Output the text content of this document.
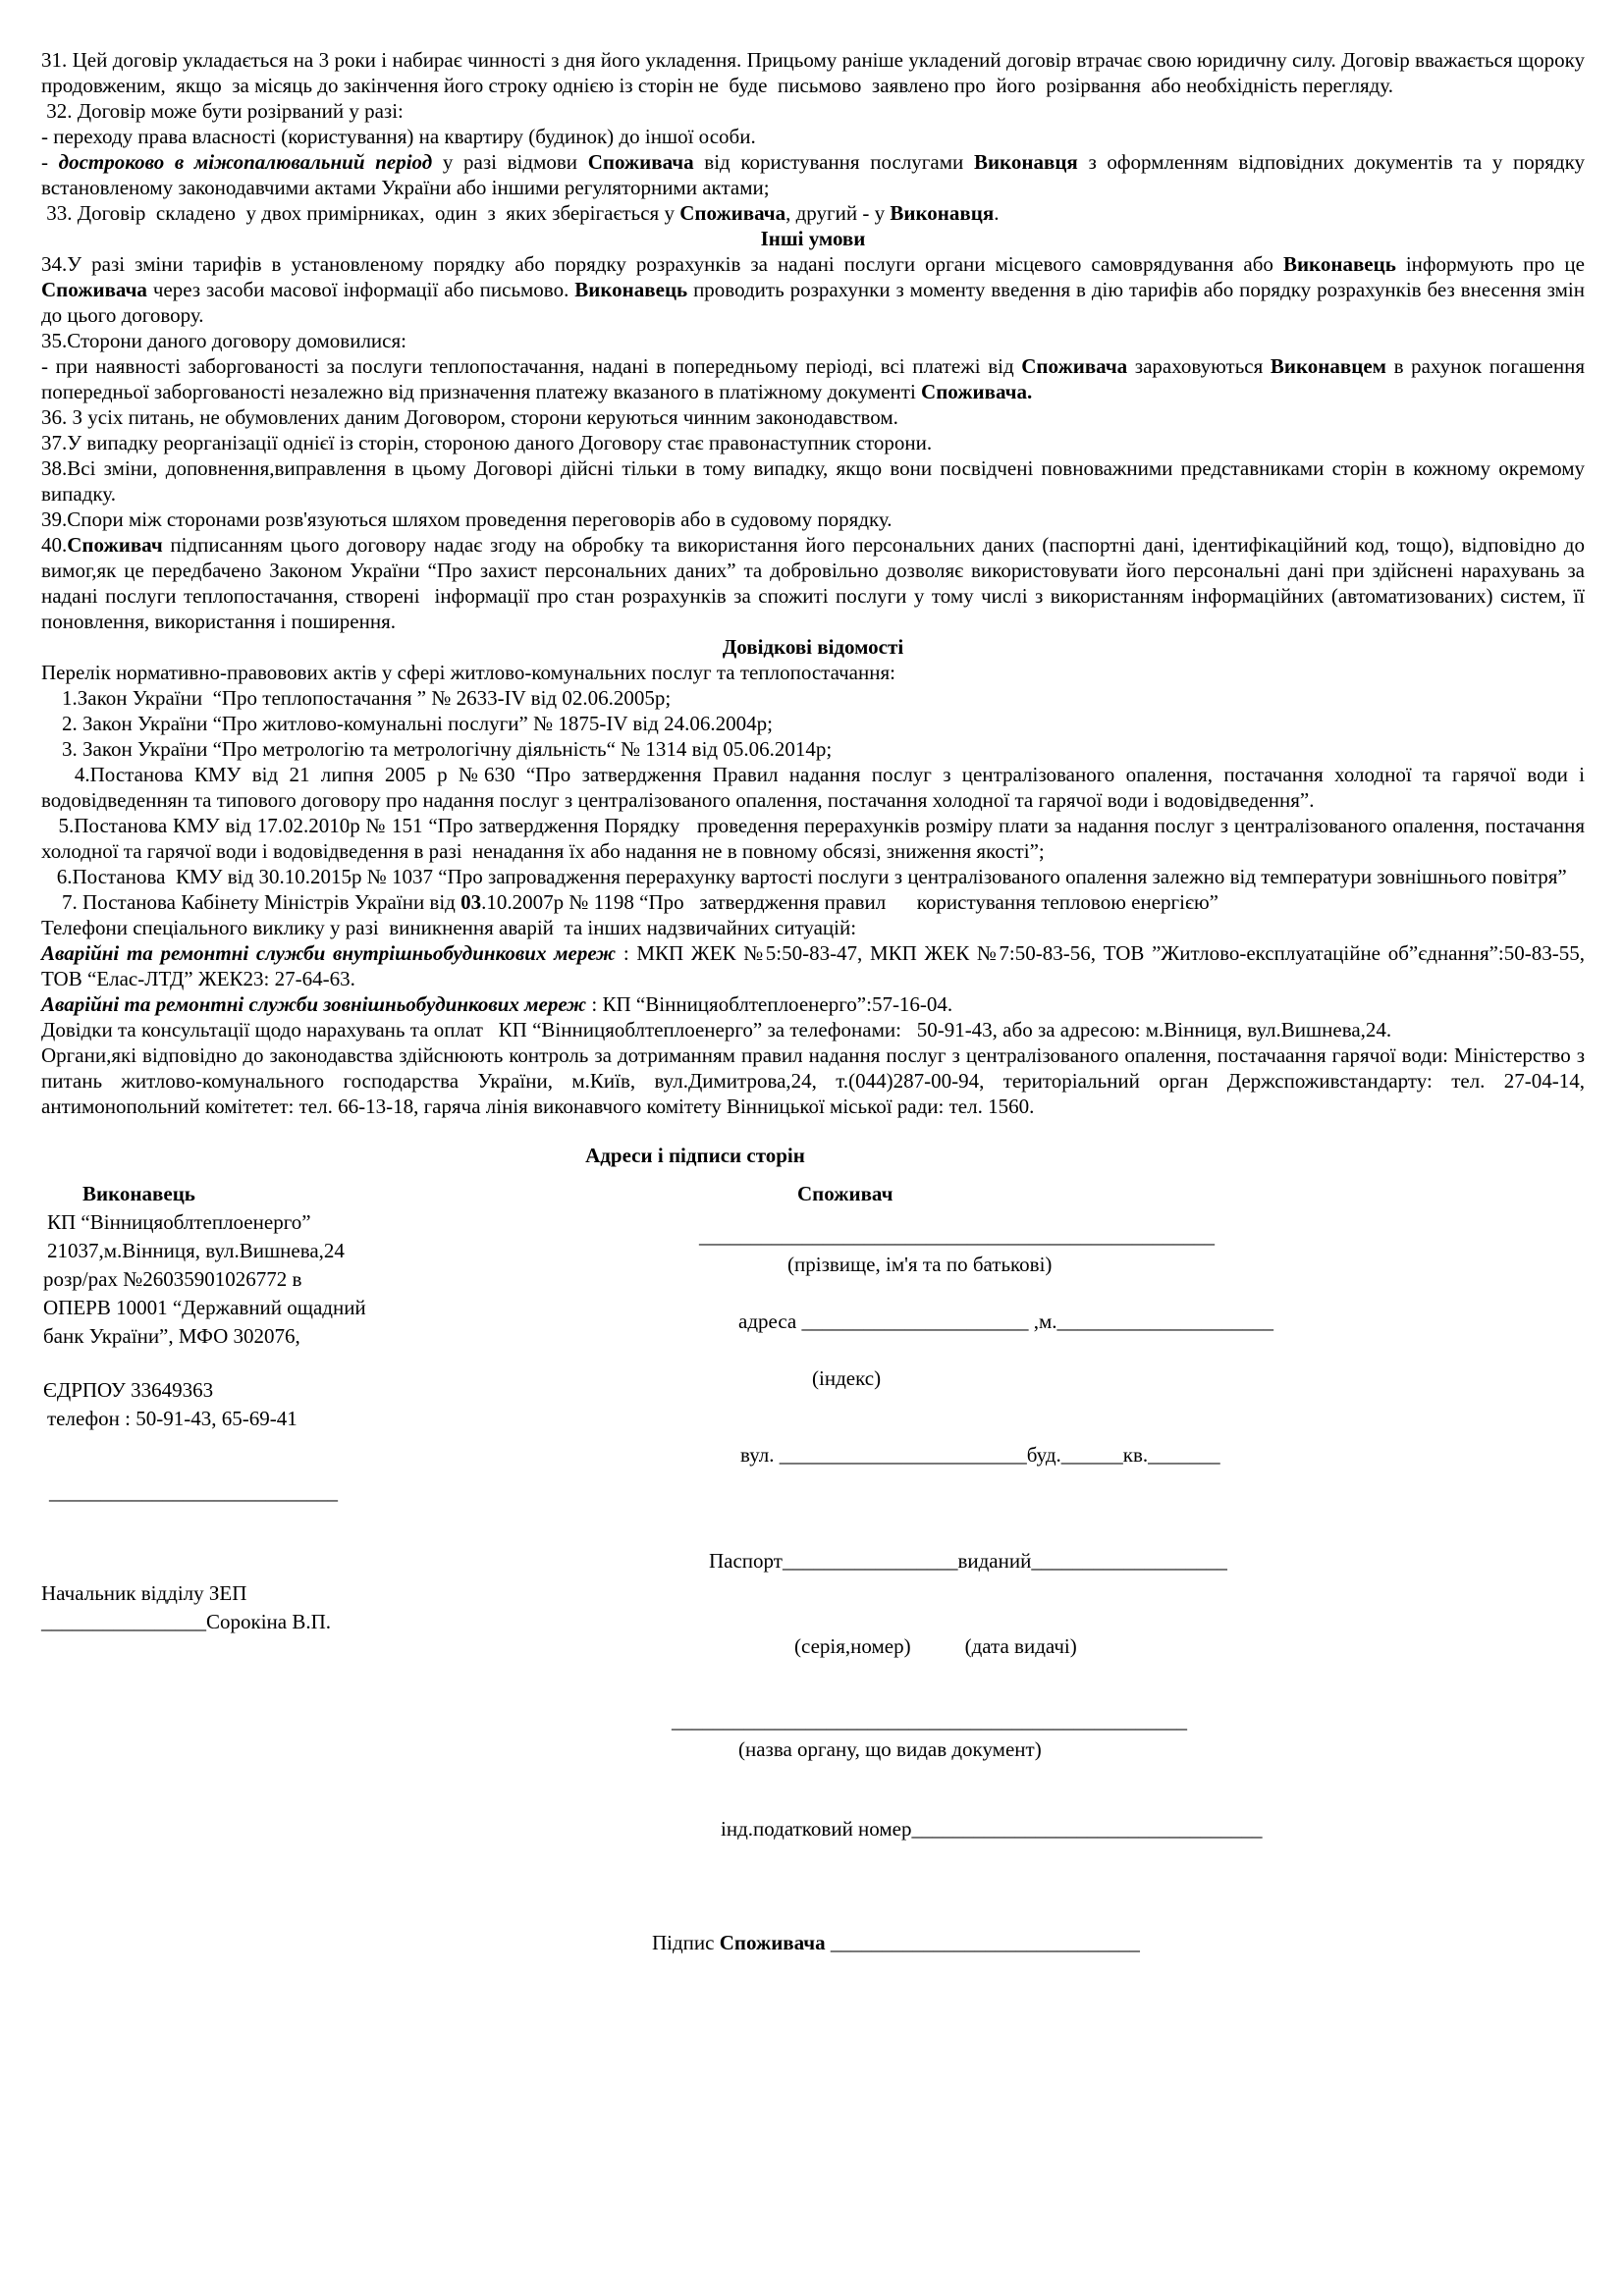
31. Цей договір укладається на 3 роки і набирає чинності з дня його укладення. Прицьому раніше укладений договір втрачає свою юридичну силу. Договір вважається щороку продовженим,  якщо  за місяць до закінчення його строку однією із сторін не  буде  письмово  заявлено про  його  розірвання  або необхідність перегляду.

32. Договір може бути розірваний у разі:

- переходу права власності (користування) на квартиру (будинок) до іншої особи.

- достроково в міжопалювальний період у разі відмови Споживача від користування послугами Виконавця з оформленням відповідних документів та у порядку встановленому законодавчими актами України або іншими регуляторними актами;

33. Договір  складено  у двох примірниках,  один  з  яких зберігається у Споживача, другий - у Виконавця.

Інші умови

34.У разі зміни тарифів в установленому порядку або порядку розрахунків за надані послуги органи місцевого самоврядування або Виконавець інформують про це Споживача через засоби масової інформації або письмово. Виконавець проводить розрахунки з моменту введення в дію тарифів або порядку розрахунків без внесення змін до цього договору.

35.Сторони даного договору домовилися:

- при наявності заборгованості за послуги теплопостачання, надані в попередньому періоді, всі платежі від Споживача зараховуються Виконавцем в рахунок погашення попередньої заборгованості незалежно від призначення платежу вказаного в платіжному документі Споживача.

36. З усіх питань, не обумовлених даним Договором, сторони керуються чинним законодавством.

37.У випадку реорганізації однієї із сторін, стороною даного Договору стає правонаступник сторони.

38.Всі зміни, доповнення,виправлення в цьому Договорі дійсні тільки в тому випадку, якщо вони посвідчені повноважними представниками сторін в кожному окремому випадку.

39.Спори між сторонами розв'язуються шляхом проведення переговорів або в судовому порядку.

40.Споживач підписанням цього договору надає згоду на обробку та використання його персональних даних (паспортні дані, ідентифікаційний код, тощо), відповідно до вимог,як це передбачено Законом України “Про захист персональних даних” та добровільно дозволяє використовувати його персональні дані при здійснені нарахувань за надані послуги теплопостачання, створені  інформації про стан розрахунків за спожиті послуги у тому числі з використанням інформаційних (автоматизованих) систем, її поновлення, використання і поширення.

Довідкові відомості

Перелік нормативно-правовових актів у сфері житлово-комунальних послуг та теплопостачання:

1.Закон України  “Про теплопостачання ” № 2633-IV від 02.06.2005р;

2. Закон України “Про житлово-комунальні послуги” № 1875-IV від 24.06.2004р;

3. Закон України “Про метрологію та метрологічну діяльність“ № 1314 від 05.06.2014р;

4.Постанова КМУ від 21 липня 2005 р №630 “Про затвердження Правил надання послуг з централізованого опалення, постачання холодної та гарячої води і водовідведеннян та типового договору про надання послуг з централізованого опалення, постачання холодної та гарячої води і водовідведення”.

5.Постанова КМУ від 17.02.2010р № 151 “Про затвердження Порядку   проведення перерахунків розміру плати за надання послуг з централізованого опалення, постачання холодної та гарячої води і водовідведення в разі  ненадання їх або надання не в повному обсязі, зниження якості”;

6.Постанова  КМУ від 30.10.2015р № 1037 “Про запровадження перерахунку вартості послуги з централізованого опалення залежно від температури зовнішнього повітря”

7. Постанова Кабінету Міністрів України від 03.10.2007р № 1198 “Про   затвердження правил      користування тепловою енергією”

Телефони спеціального виклику у разі  виникнення аварій  та інших надзвичайних ситуацій:

Аварійні та ремонтні служби внутрішньобудинкових мереж : МКП ЖЕК №5:50-83-47, МКП ЖЕК №7:50-83-56, ТОВ ”Житлово-експлуатаційне об”єднання”:50-83-55, ТОВ “Елас-ЛТД” ЖЕК23: 27-64-63.

Аварійні та ремонтні служби зовнішньобудинкових мереж : КП “Вінницяоблтеплоенерго”:57-16-04.

Довідки та консультації щодо нарахувань та оплат   КП “Вінницяоблтеплоенерго” за телефонами:   50-91-43, або за адресою: м.Вінниця, вул.Вишнева,24.

Органи,які відповідно до законодавства здійснюють контроль за дотриманням правил надання послуг з централізованого опалення, постачаання гарячої води: Міністерство з питань житлово-комунального господарства України, м.Київ, вул.Димитрова,24, т.(044)287-00-94, територіальний орган Держспоживстандарту: тел. 27-04-14, антимонопольний комітетет: тел. 66-13-18, гаряча лінія виконавчого комітету Вінницької міської ради: тел. 1560.

Адреси і підписи сторін

Виконавець
КП “Вінницяоблтеплоенерго”
21037,м.Вінниця, вул.Вишнева,24
розр/рах №26035901026772 в
ОПЕРВ 10001 “Державний ощадний
банк України”, МФО 302076,
ЄДРПОУ 33649363
телефон : 50-91-43, 65-69-41
____________________________
Начальник відділу ЗЕП
________________Сорокіна В.П.
Споживач
__________________________________________________
(прізвище, ім'я та по батькові)

адреса ______________________ ,м._____________________

(індекс)

вул. ________________________буд.______кв._______

Паспорт_________________виданий___________________

(серія,номер)	(дата видачі)

__________________________________________________
(назва органу, що видав документ)

інд.податковий номер__________________________________

Підпис Споживача ______________________________
